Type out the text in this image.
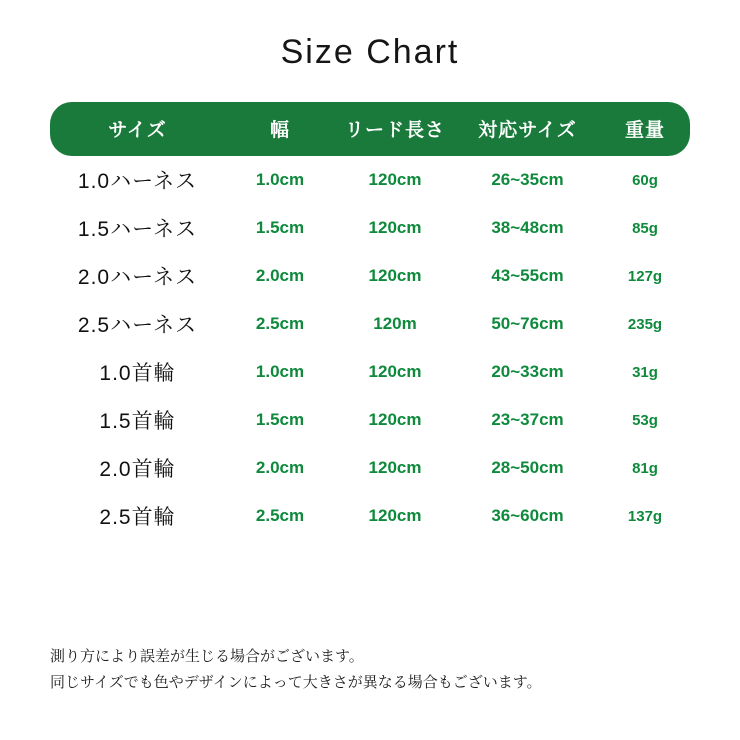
Size Chart
サイズ	幅	リード長さ	対応サイズ	重量
1.0ハーネス	1.0cm	120cm	26~35cm	60g
1.5ハーネス	1.5cm	120cm	38~48cm	85g
2.0ハーネス	2.0cm	120cm	43~55cm	127g
2.5ハーネス	2.5cm	120m	50~76cm	235g
1.0首輪	1.0cm	120cm	20~33cm	31g
1.5首輪	1.5cm	120cm	23~37cm	53g
2.0首輪	2.0cm	120cm	28~50cm	81g
2.5首輪	2.5cm	120cm	36~60cm	137g
測り方により誤差が生じる場合がございます。
同じサイズでも色やデザインによって大きさが異なる場合もございます。
